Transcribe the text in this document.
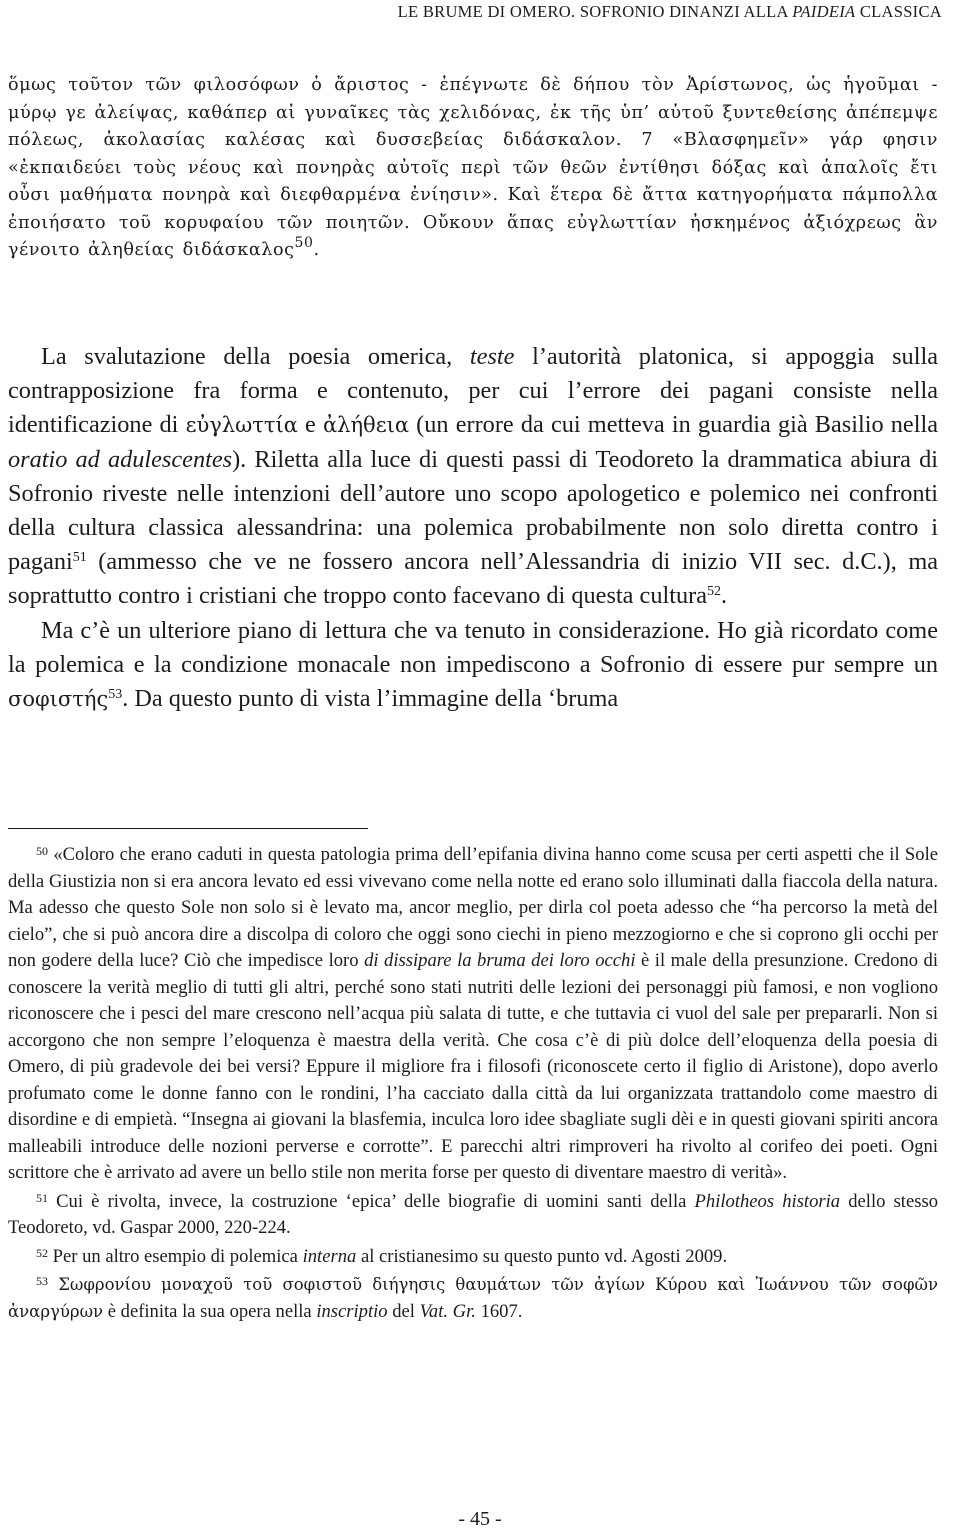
LE BRUME DI OMERO. SOFRONIO DINANZI ALLA PAIDEIA CLASSICA
ὅμως τοῦτον τῶν φιλοσόφων ὁ ἄριστος - ἐπέγνωτε δὲ δήπου τὸν Ἀρίστωνος, ὡς ἡγοῦμαι - μύρῳ γε ἀλείψας, καθάπερ αἱ γυναῖκες τὰς χελιδόνας, ἐκ τῆς ὑπ’ αὐτοῦ ξυντεθείσης ἀπέπεμψε πόλεως, ἀκολασίας καλέσας καὶ δυσσεβείας διδάσκαλον. 7 «Βλασφημεῖν» γάρ φησιν «ἐκπαιδεύει τοὺς νέους καὶ πονηρὰς αὐτοῖς περὶ τῶν θεῶν ἐντίθησι δόξας καὶ ἁπαλοῖς ἔτι οὖσι μαθήματα πονηρὰ καὶ διεφθαρμένα ἐνίησιν». Καὶ ἕτερα δὲ ἄττα κατηγορήματα πάμπολλα ἐποιήσατο τοῦ κορυφαίου τῶν ποιητῶν. Οὔκουν ἅπας εὐγλωττίαν ἠσκημένος ἀξιόχρεως ἂν γένοιτο ἀληθείας διδάσκαλος$^{50}$.

La svalutazione della poesia omerica, teste l’autorità platonica, si appoggia sulla contrapposizione fra forma e contenuto, per cui l’errore dei pagani consiste nella identificazione di εὐγλωττία e ἀλήθεια (un errore da cui metteva in guardia già Basilio nella oratio ad adulescentes). Riletta alla luce di questi passi di Teodoreto la drammatica abiura di Sofronio riveste nelle intenzioni dell’autore uno scopo apologetico e polemico nei confronti della cultura classica alessandrina: una polemica probabilmente non solo diretta contro i pagani$^{51}$ (ammesso che ve ne fossero ancora nell’Alessandria di inizio VII sec. d.C.), ma soprattutto contro i cristiani che troppo conto facevano di questa cultura$^{52}$.

Ma c’è un ulteriore piano di lettura che va tenuto in considerazione. Ho già ricordato come la polemica e la condizione monacale non impediscono a Sofronio di essere pur sempre un σοφιστής$^{53}$. Da questo punto di vista l’immagine della ‘bruma

$^{50}$ «Coloro che erano caduti in questa patologia prima dell’epifania divina hanno come scusa per certi aspetti che il Sole della Giustizia non si era ancora levato ed essi vivevano come nella notte ed erano solo illuminati dalla fiaccola della natura. Ma adesso che questo Sole non solo si è levato ma, ancor meglio, per dirla col poeta adesso che “ha percorso la metà del cielo”, che si può ancora dire a discolpa di coloro che oggi sono ciechi in pieno mezzogiorno e che si coprono gli occhi per non godere della luce? Ciò che impedisce loro di dissipare la bruma dei loro occhi è il male della presunzione. Credono di conoscere la verità meglio di tutti gli altri, perché sono stati nutriti delle lezioni dei personaggi più famosi, e non vogliono riconoscere che i pesci del mare crescono nell’acqua più salata di tutte, e che tuttavia ci vuol del sale per prepararli. Non si accorgono che non sempre l’eloquenza è maestra della verità. Che cosa c’è di più dolce dell’eloquenza della poesia di Omero, di più gradevole dei bei versi? Eppure il migliore fra i filosofi (riconoscete certo il figlio di Aristone), dopo averlo profumato come le donne fanno con le rondini, l’ha cacciato dalla città da lui organizzata trattandolo come maestro di disordine e di empietà. “Insegna ai giovani la blasfemia, inculca loro idee sbagliate sugli dèi e in questi giovani spiriti ancora malleabili introduce delle nozioni perverse e corrotte”. E parecchi altri rimproveri ha rivolto al corifeo dei poeti. Ogni scrittore che è arrivato ad avere un bello stile non merita forse per questo di diventare maestro di verità».

$^{51}$ Cui è rivolta, invece, la costruzione ‘epica’ delle biografie di uomini santi della Philotheos historia dello stesso Teodoreto, vd. Gaspar 2000, 220-224.

$^{52}$ Per un altro esempio di polemica interna al cristianesimo su questo punto vd. Agosti 2009.

$^{53}$ Σωφρονίου μοναχοῦ τοῦ σοφιστοῦ διήγησις θαυμάτων τῶν ἁγίων Κύρου καὶ Ἰωάννου τῶν σοφῶν ἀναργύρων è definita la sua opera nella inscriptio del Vat. Gr. 1607.

- 45 -
